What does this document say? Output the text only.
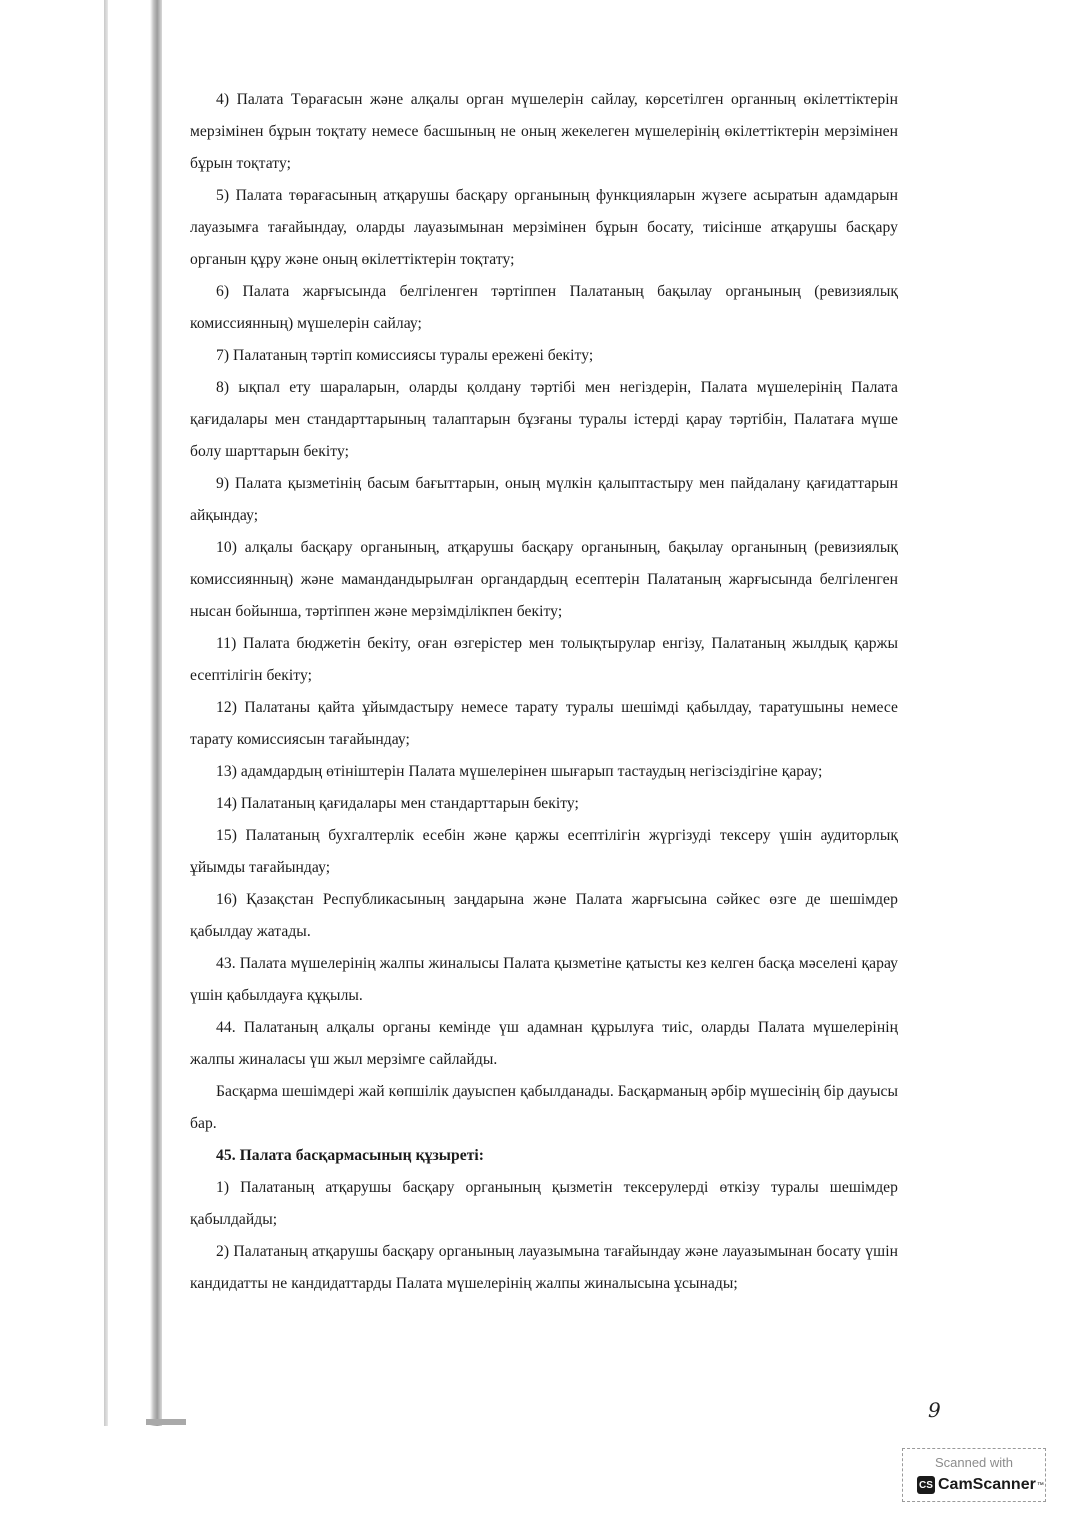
4) Палата Төрағасын және алқалы орган мүшелерін сайлау, көрсетілген органның өкілеттіктерін мерзімінен бұрын тоқтату немесе басшының не оның жекелеген мүшелерінің өкілеттіктерін мерзімінен бұрын тоқтату;

5) Палата төрағасының атқарушы басқару органының функцияларын жүзеге асыратын адамдарын лауазымға тағайындау, оларды лауазымынан мерзімінен бұрын босату, тиісінше атқарушы басқару органын құру және оның өкілеттіктерін тоқтату;

6) Палата жарғысында белгіленген тәртіппен Палатаның бақылау органының (ревизиялық комиссиянның) мүшелерін сайлау;

7) Палатаның тәртіп комиссиясы туралы ережені бекіту;

8) ықпал ету шараларын, оларды қолдану тәртібі мен негіздерін, Палата мүшелерінің Палата қағидалары мен стандарттарының талаптарын бұзғаны туралы істерді қарау тәртібін, Палатаға мүше болу шарттарын бекіту;

9) Палата қызметінің басым бағыттарын, оның мүлкін қалыптастыру мен пайдалану қағидаттарын айқындау;

10) алқалы басқару органының, атқарушы басқару органының, бақылау органының (ревизиялық комиссиянның) және мамандандырылған органдардың есептерін Палатаның жарғысында белгіленген нысан бойынша, тәртіппен және мерзімділікпен бекіту;

11) Палата бюджетін бекіту, оған өзгерістер мен толықтырулар енгізу, Палатаның жылдық қаржы есептілігін бекіту;

12) Палатаны қайта ұйымдастыру немесе тарату туралы шешімді қабылдау, таратушыны немесе тарату комиссиясын тағайындау;

13) адамдардың өтініштерін Палата мүшелерінен шығарып тастаудың негізсіздігіне қарау;

14) Палатаның қағидалары мен стандарттарын бекіту;

15) Палатаның бухгалтерлік есебін және қаржы есептілігін жүргізуді тексеру үшін аудиторлық ұйымды тағайындау;

16) Қазақстан Республикасының заңдарына және Палата жарғысына сәйкес өзге де шешімдер қабылдау жатады.

43. Палата мүшелерінің жалпы жиналысы Палата қызметіне қатысты кез келген басқа мәселені қарау үшін қабылдауға құқылы.

44. Палатаның алқалы органы кемінде үш адамнан құрылуға тиіс, оларды Палата мүшелерінің жалпы жиналасы үш жыл мерзімге сайлайды.

Басқарма шешімдері жай көпшілік дауыспен қабылданады. Басқарманың әрбір мүшесінің бір дауысы бар.

45. Палата басқармасының құзыреті:

1) Палатаның атқарушы басқару органының қызметін тексерулерді өткізу туралы шешімдер қабылдайды;

2) Палатаның атқарушы басқару органының лауазымына тағайындау және лауазымынан босату үшін кандидатты не кандидаттарды Палата мүшелерінің жалпы жиналысына ұсынады;

9
Scanned with
CS CamScanner ™
